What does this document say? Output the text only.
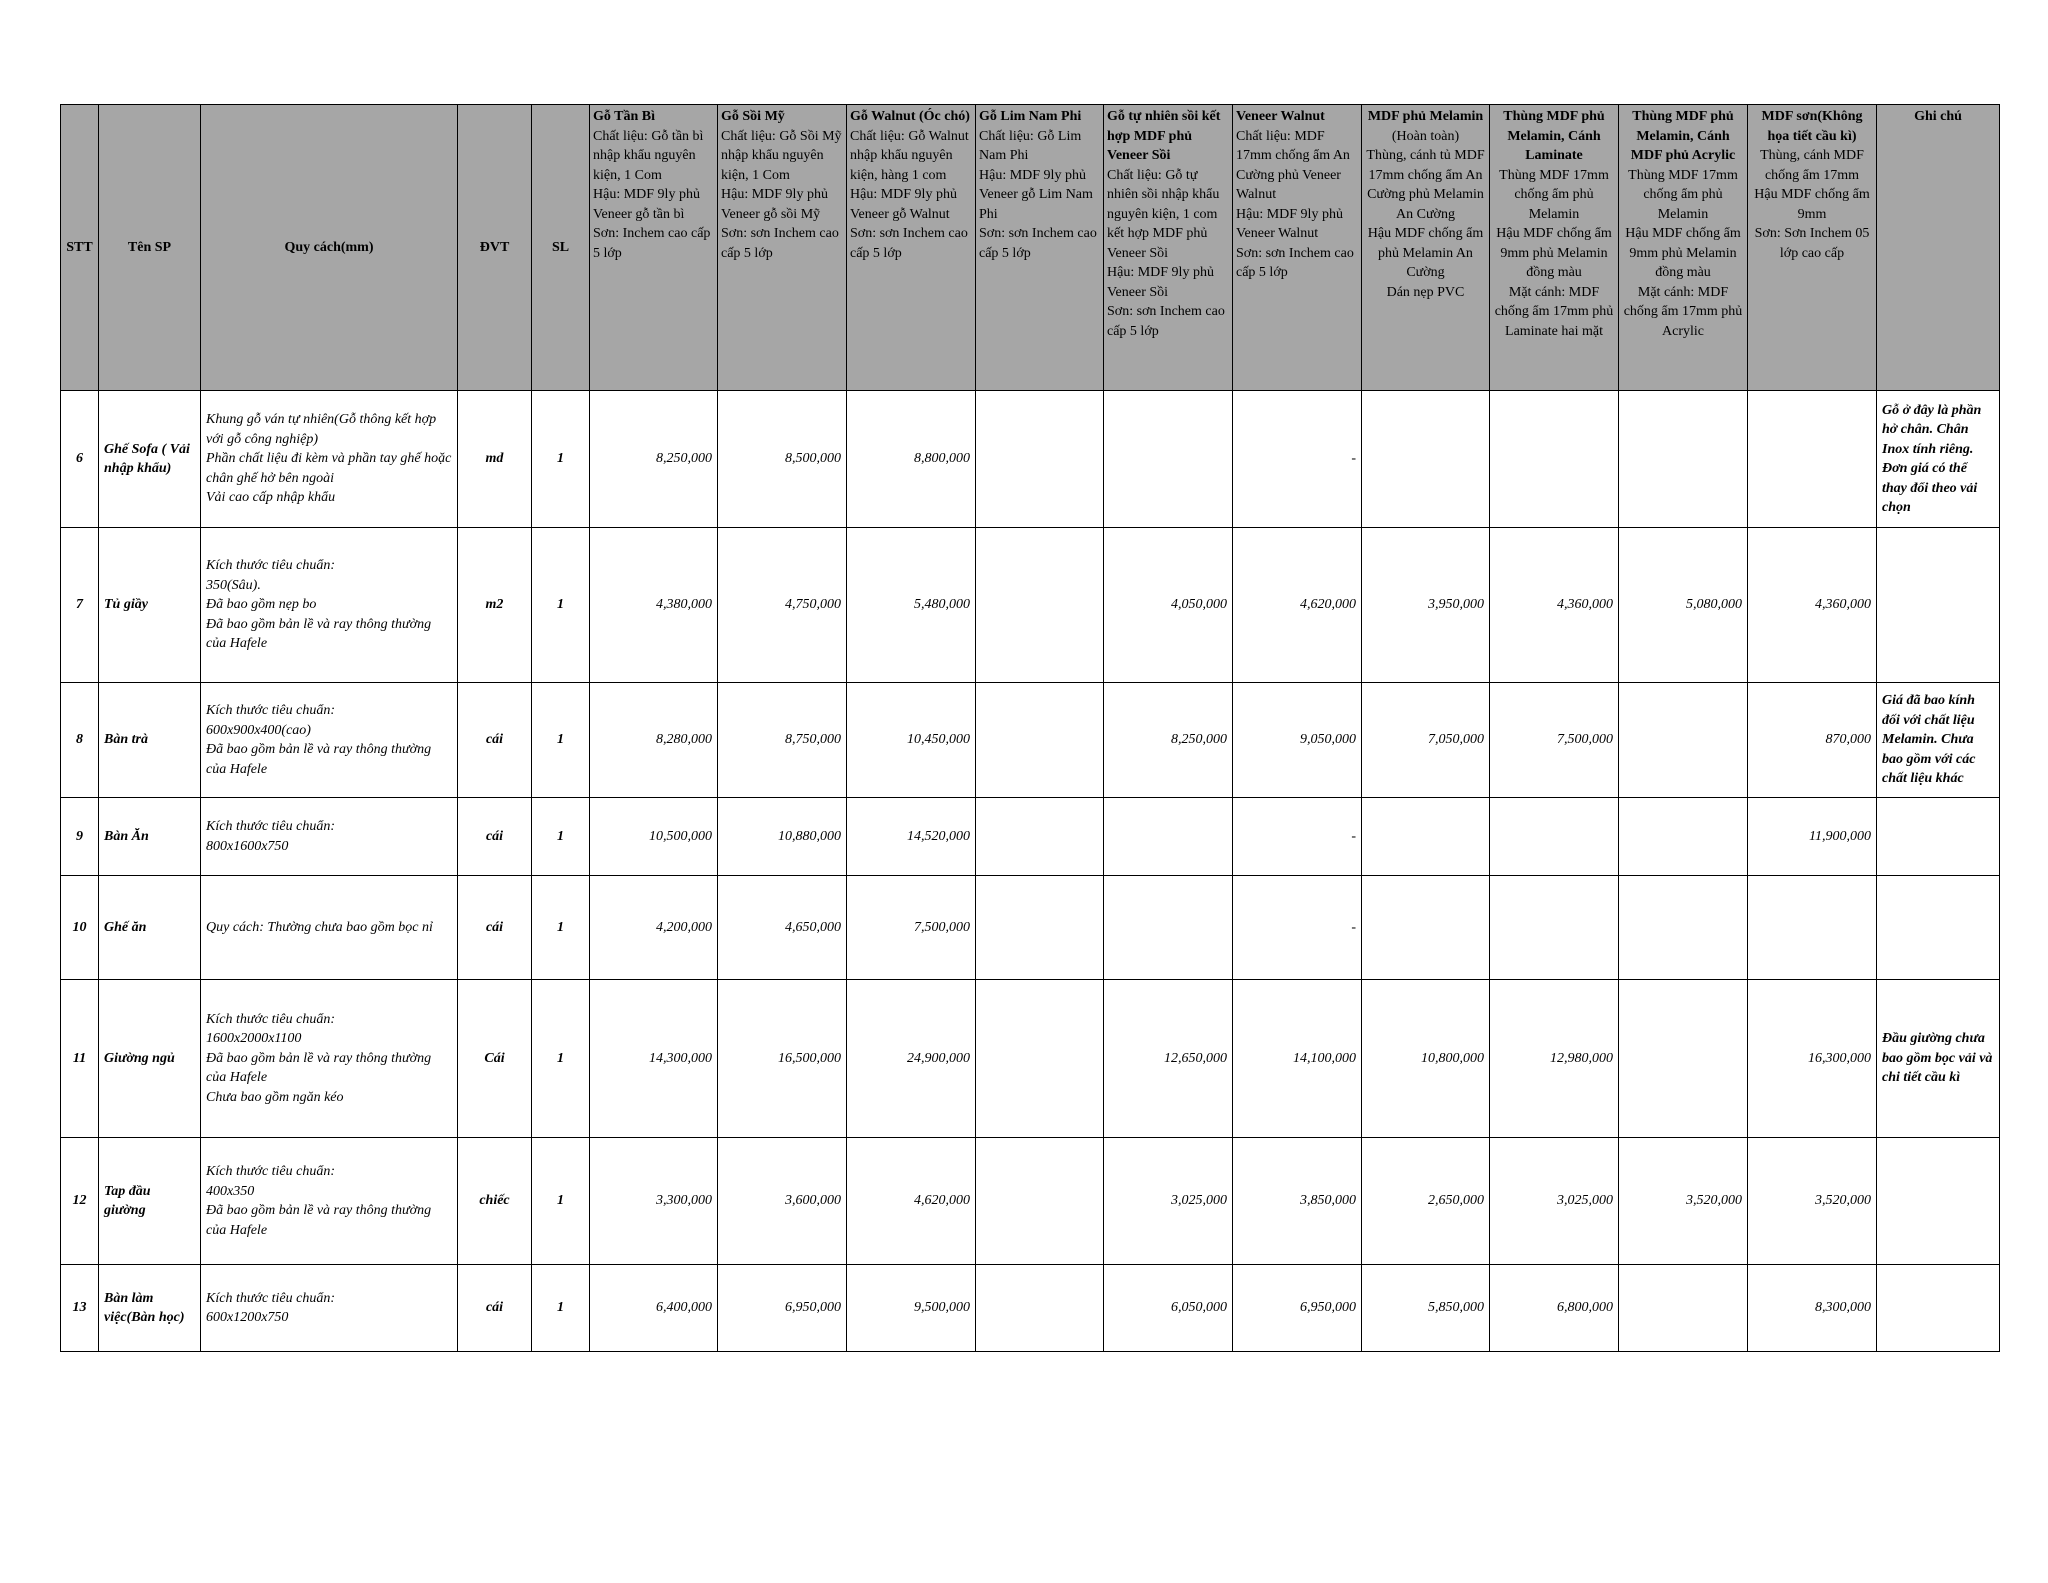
STT	Tên SP	Quy cách(mm)	ĐVT	SL	Gỗ Tần Bì
Chất liệu: Gỗ tần bì nhập khẩu nguyên kiện, 1 Com
Hậu: MDF 9ly phủ Veneer gỗ tần bì
Sơn: Inchem cao cấp 5 lớp	Gỗ Sồi Mỹ
Chất liệu: Gỗ Sồi Mỹ nhập khẩu nguyên kiện, 1 Com
Hậu: MDF 9ly phủ Veneer gỗ sồi Mỹ
Sơn: sơn Inchem cao cấp 5 lớp	Gỗ Walnut (Óc chó)
Chất liệu: Gỗ Walnut nhập khẩu nguyên kiện, hàng 1 com
Hậu: MDF 9ly phủ Veneer gỗ Walnut
Sơn: sơn Inchem cao cấp 5 lớp	Gỗ Lim Nam Phi
Chất liệu: Gỗ Lim Nam Phi
Hậu: MDF 9ly phủ Veneer gỗ Lim Nam Phi
Sơn: sơn Inchem cao cấp 5 lớp	Gỗ tự nhiên sồi kết hợp MDF phủ Veneer Sồi
Chất liệu: Gỗ tự nhiên sồi nhập khẩu nguyên kiện, 1 com kết hợp MDF phủ Veneer Sồi
Hậu: MDF 9ly phủ Veneer Sồi
Sơn: sơn Inchem cao cấp 5 lớp	Veneer Walnut
Chất liệu: MDF 17mm chống ẩm An Cường phủ Veneer Walnut
Hậu: MDF 9ly phủ Veneer Walnut
Sơn: sơn Inchem cao cấp 5 lớp	MDF phủ Melamin
(Hoàn toàn)
Thùng, cánh tủ MDF 17mm chống ẩm An Cường phủ Melamin An Cường
Hậu MDF chống ẩm phủ Melamin An Cường
Dán nẹp PVC	Thùng MDF phủ Melamin, Cánh Laminate
Thùng MDF 17mm chống ẩm phủ Melamin
Hậu MDF chống ẩm 9mm phủ Melamin đồng màu
Mặt cánh: MDF chống ẩm 17mm phủ Laminate hai mặt	Thùng MDF phủ Melamin, Cánh MDF phủ Acrylic
Thùng MDF 17mm chống ẩm phủ Melamin
Hậu MDF chống ẩm 9mm phủ Melamin đồng màu
Mặt cánh: MDF chống ẩm 17mm phủ Acrylic	MDF sơn(Không họa tiết cầu kì)
Thùng, cánh MDF chống ẩm 17mm
Hậu MDF chống ẩm 9mm
Sơn: Sơn Inchem 05 lớp cao cấp	Ghi chú

6	Ghế Sofa ( Vải nhập khẩu)	Khung gỗ ván tự nhiên(Gỗ thông kết hợp với gỗ công nghiệp)
Phần chất liệu đi kèm và phần tay ghế hoặc chân ghế hở bên ngoài
Vải cao cấp nhập khẩu	md	1	8,250,000	8,500,000	8,800,000			-					Gỗ ở đây là phần hở chân. Chân Inox tính riêng. Đơn giá có thể thay đổi theo vải chọn
7	Tủ giầy	Kích thước tiêu chuẩn:
350(Sâu).
Đã bao gồm nẹp bo
Đã bao gồm bản lề và ray thông thường của Hafele	m2	1	4,380,000	4,750,000	5,480,000		4,050,000	4,620,000	3,950,000	4,360,000	5,080,000	4,360,000	
8	Bàn trà	Kích thước tiêu chuẩn:
600x900x400(cao)
Đã bao gồm bản lề và ray thông thường của Hafele	cái	1	8,280,000	8,750,000	10,450,000		8,250,000	9,050,000	7,050,000	7,500,000		870,000	Giá đã bao kính đối với chất liệu Melamin. Chưa bao gồm với các chất liệu khác
9	Bàn Ăn	Kích thước tiêu chuẩn:
800x1600x750	cái	1	10,500,000	10,880,000	14,520,000			-				11,900,000	
10	Ghế ăn	Quy cách: Thường chưa bao gồm bọc nỉ	cái	1	4,200,000	4,650,000	7,500,000			-					
11	Giường ngủ	Kích thước tiêu chuẩn:
1600x2000x1100
Đã bao gồm bản lề và ray thông thường của Hafele
Chưa bao gồm ngăn kéo	Cái	1	14,300,000	16,500,000	24,900,000		12,650,000	14,100,000	10,800,000	12,980,000		16,300,000	Đầu giường chưa bao gồm bọc vải và chi tiết cầu kì
12	Tap đầu giường	Kích thước tiêu chuẩn:
400x350
Đã bao gồm bản lề và ray thông thường của Hafele	chiếc	1	3,300,000	3,600,000	4,620,000		3,025,000	3,850,000	2,650,000	3,025,000	3,520,000	3,520,000	
13	Bàn làm việc(Bàn học)	Kích thước tiêu chuẩn:
600x1200x750	cái	1	6,400,000	6,950,000	9,500,000		6,050,000	6,950,000	5,850,000	6,800,000		8,300,000	
